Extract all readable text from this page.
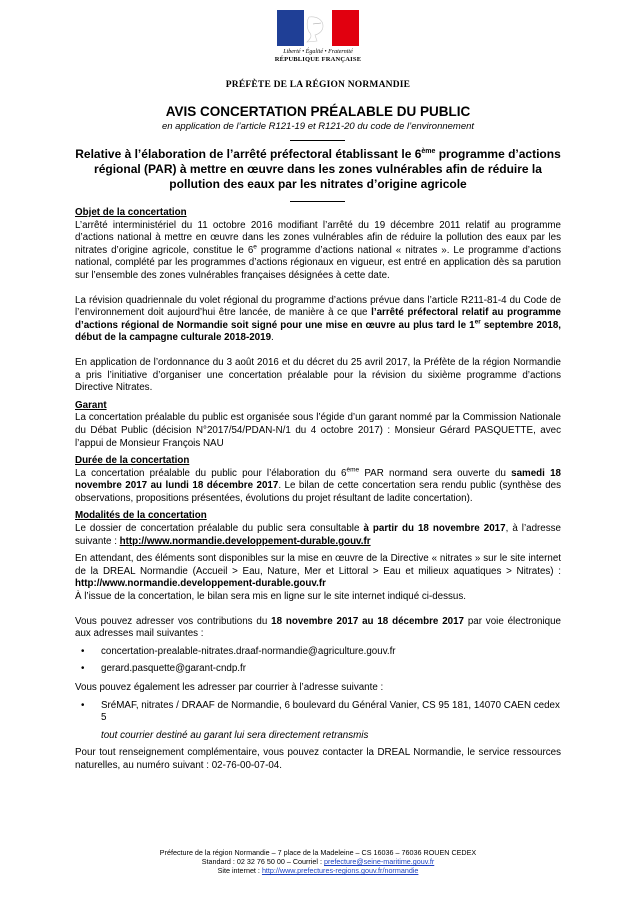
Liberté • Égalité • Fraternité
RÉPUBLIQUE FRANÇAISE
PRÉFÈTE DE LA RÉGION NORMANDIE
AVIS CONCERTATION PRÉALABLE DU PUBLIC
en application de l’article R121-19 et R121-20 du code de l’environnement
Relative à l’élaboration de l’arrêté préfectoral établissant le 6ème programme d’actions régional (PAR) à mettre en œuvre dans les zones vulnérables afin de réduire la pollution des eaux par les nitrates d’origine agricole
Objet de la concertation

L’arrêté interministériel du 11 octobre 2016 modifiant l’arrêté du 19 décembre 2011 relatif au programme d’actions national à mettre en œuvre dans les zones vulnérables afin de réduire la pollution des eaux par les nitrates d’origine agricole, constitue le 6e programme d’actions national « nitrates ». Le programme d’actions national, complété par les programmes d’actions régionaux en vigueur, est entré en application dès sa parution sur l’ensemble des zones vulnérables françaises désignées à cette date.

La révision quadriennale du volet régional du programme d’actions prévue dans l’article R211-81-4 du Code de l’environnement doit aujourd’hui être lancée, de manière à ce que l’arrêté préfectoral relatif au programme d’actions régional de Normandie soit signé pour une mise en œuvre au plus tard le 1er septembre 2018, début de la campagne culturale 2018-2019.

En application de l’ordonnance du 3 août 2016 et du décret du 25 avril 2017, la Préfète de la région Normandie a pris l’initiative d’organiser une concertation préalable pour la révision du sixième programme d’actions Directive Nitrates.

Garant

La concertation préalable du public est organisée sous l’égide d’un garant nommé par la Commission Nationale du Débat Public (décision N°2017/54/PDAN-N/1 du 4 octobre 2017) : Monsieur Gérard PASQUETTE, avec l’appui de Monsieur François NAU

Durée de la concertation

La concertation préalable du public pour l’élaboration du 6ème PAR normand sera ouverte du samedi 18 novembre 2017 au lundi 18 décembre 2017. Le bilan de cette concertation sera rendu public (synthèse des observations, propositions présentées, évolutions du projet résultant de ladite concertation).

Modalités de la concertation

Le dossier de concertation préalable du public sera consultable à partir du 18 novembre 2017, à l’adresse suivante : http://www.normandie.developpement-durable.gouv.fr

En attendant, des éléments sont disponibles sur la mise en œuvre de la Directive « nitrates » sur le site internet de la DREAL Normandie (Accueil > Eau, Nature, Mer et Littoral > Eau et milieux aquatiques > Nitrates) : http://www.normandie.developpement-durable.gouv.fr

À l’issue de la concertation, le bilan sera mis en ligne sur le site internet indiqué ci-dessus.

Vous pouvez adresser vos contributions du 18 novembre 2017 au 18 décembre 2017 par voie électronique aux adresses mail suivantes :

• concertation-prealable-nitrates.draaf-normandie@agriculture.gouv.fr
• gerard.pasquette@garant-cndp.fr

Vous pouvez également les adresser par courrier à l’adresse suivante :

• SréMAF, nitrates / DRAAF de Normandie, 6 boulevard du Général Vanier, CS 95 181, 14070 CAEN cedex 5

tout courrier destiné au garant lui sera directement retransmis

Pour tout renseignement complémentaire, vous pouvez contacter la DREAL Normandie, le service ressources naturelles, au numéro suivant : 02-76-00-07-04.

Préfecture de la région Normandie – 7 place de la Madeleine – CS 16036 – 76036 ROUEN CEDEX
Standard : 02 32 76 50 00 – Courriel : prefecture@seine-maritime.gouv.fr
Site internet : http://www.prefectures-regions.gouv.fr/normandie
